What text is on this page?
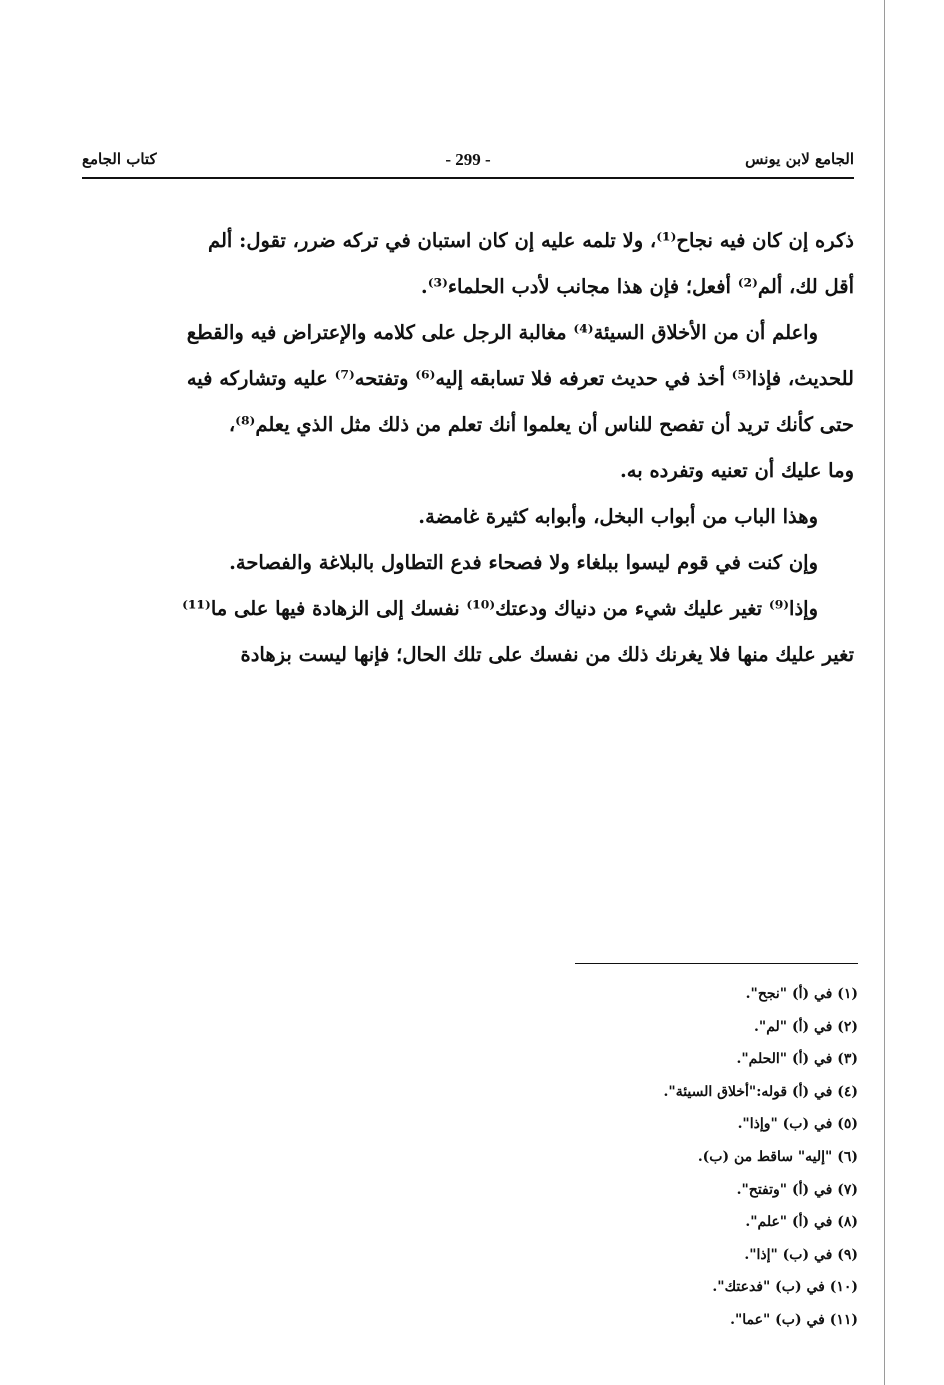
الجامع لابن يونس
- 299 -
كتاب الجامع

ذكره إن كان فيه نجاح⁽¹⁾، ولا تلمه عليه إن كان استبان في تركه ضرر، تقول: ألم

أقل لك، ألم⁽²⁾ أفعل؛ فإن هذا مجانب لأدب الحلماء⁽³⁾.

واعلم أن من الأخلاق السيئة⁽⁴⁾ مغالبة الرجل على كلامه والإعتراض فيه والقطع

للحديث، فإذا⁽⁵⁾ أخذ في حديث تعرفه فلا تسابقه إليه⁽⁶⁾ وتفتحه⁽⁷⁾ عليه وتشاركه فيه

حتى كأنك تريد أن تفصح للناس أن يعلموا أنك تعلم من ذلك مثل الذي يعلم⁽⁸⁾،

وما عليك أن تعنيه وتفرده به.

وهذا الباب من أبواب البخل، وأبوابه كثيرة غامضة.

وإن كنت في قوم ليسوا ببلغاء ولا فصحاء فدع التطاول بالبلاغة والفصاحة.

وإذا⁽⁹⁾ تغير عليك شيء من دنياك ودعتك⁽¹⁰⁾ نفسك إلى الزهادة فيها على ما⁽¹¹⁾

تغير عليك منها فلا يغرنك ذلك من نفسك على تلك الحال؛ فإنها ليست بزهادة

(١) في (أ) "نجح".
(٢) في (أ) "لم".
(٣) في (أ) "الحلم".
(٤) في (أ) قوله:"أخلاق السيئة".
(٥) في (ب) "وإذا".
(٦) "إليه" ساقط من (ب).
(٧) في (أ) "وتفتح".
(٨) في (أ) "علم".
(٩) في (ب) "إذا".
(١٠) في (ب) "فدعتك".
(١١) في (ب) "عما".
